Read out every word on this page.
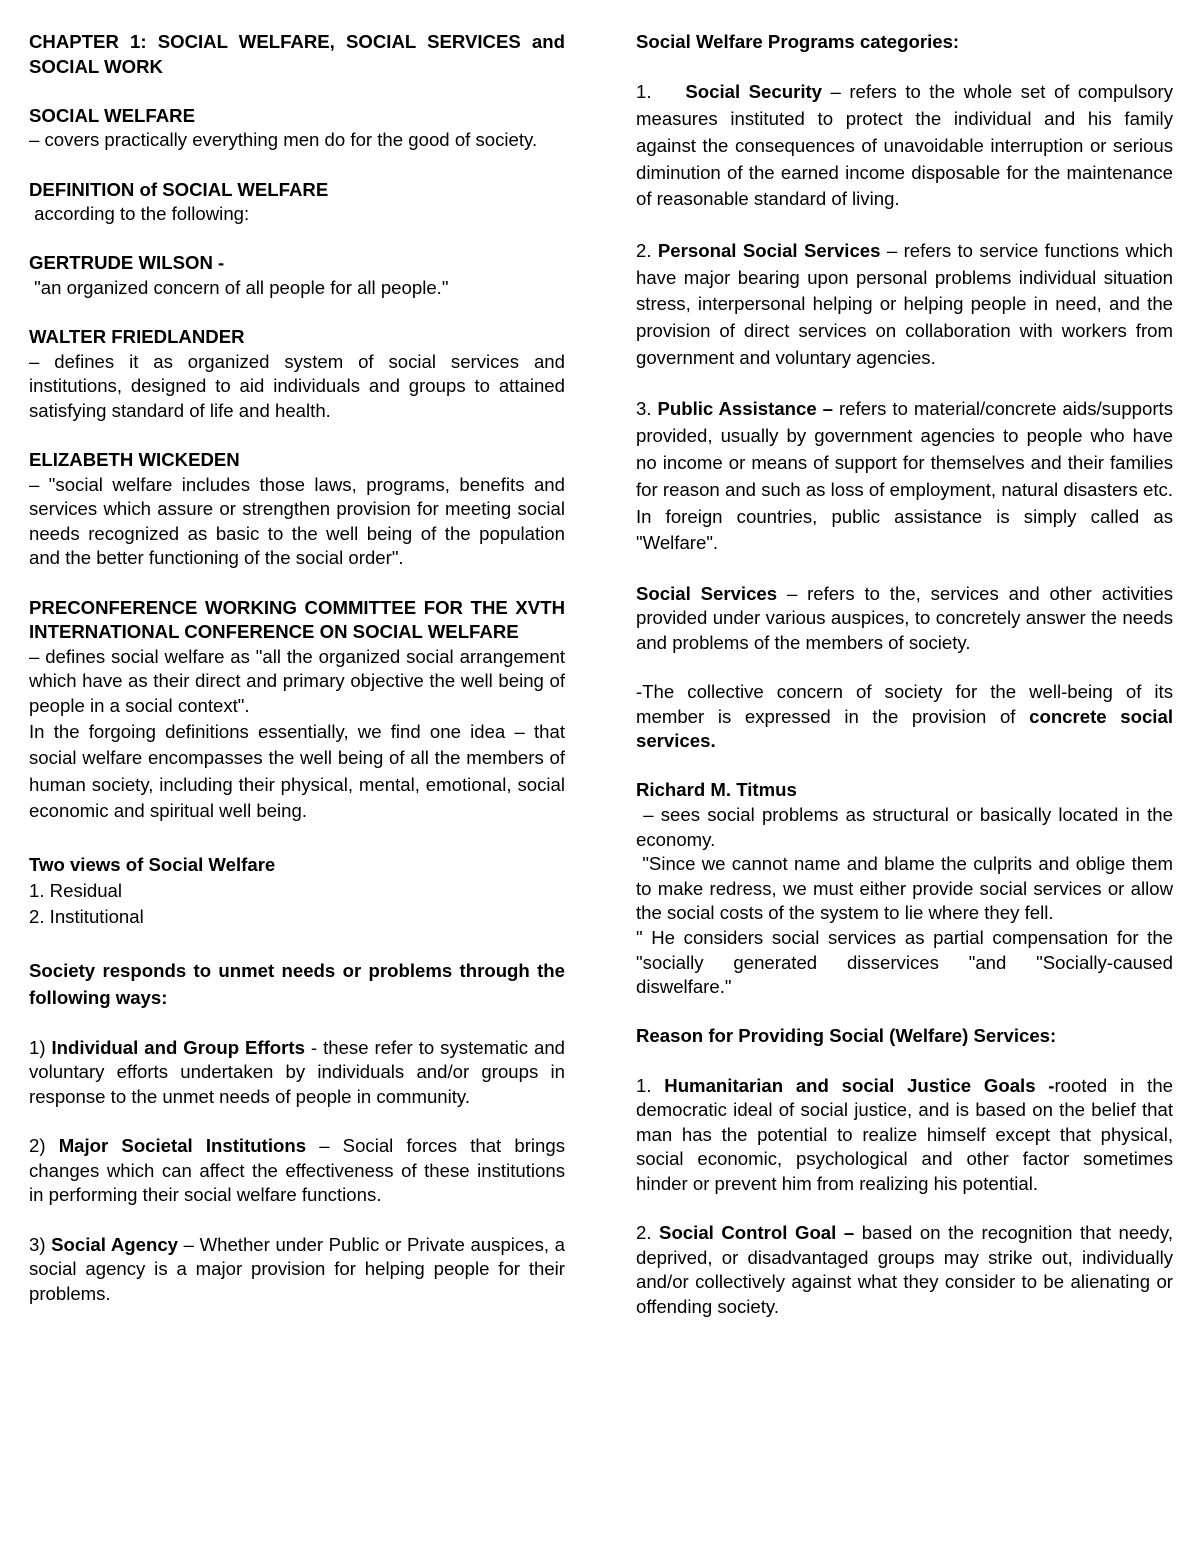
CHAPTER 1: SOCIAL WELFARE, SOCIAL SERVICES and SOCIAL WORK

SOCIAL WELFARE

– covers practically everything men do for the good of society.

DEFINITION of SOCIAL WELFARE

according to the following:

GERTRUDE WILSON -

"an organized concern of all people for all people."

WALTER FRIEDLANDER

– defines it as organized system of social services and institutions, designed to aid individuals and groups to attained satisfying standard of life and health.

ELIZABETH WICKEDEN

– "social welfare includes those laws, programs, benefits and services which assure or strengthen provision for meeting social needs recognized as basic to the well being of the population and the better functioning of the social order".

PRECONFERENCE WORKING COMMITTEE FOR THE XVTH INTERNATIONAL CONFERENCE ON SOCIAL WELFARE

– defines social welfare as "all the organized social arrangement which have as their direct and primary objective the well being of people in a social context".

In the forgoing definitions essentially, we find one idea – that social welfare encompasses the well being of all the members of human society, including their physical, mental, emotional, social economic and spiritual well being.

Two views of Social Welfare

1. Residual

2. Institutional

Society responds to unmet needs or problems through the following ways:

1) Individual and Group Efforts - these refer to systematic and voluntary efforts undertaken by individuals and/or groups in response to the unmet needs of people in community.

2) Major Societal Institutions – Social forces that brings changes which can affect the effectiveness of these institutions in performing their social welfare functions.

3) Social Agency – Whether under Public or Private auspices, a social agency is a major provision for helping people for their problems.

Social Welfare Programs categories:

1. Social Security – refers to the whole set of compulsory measures instituted to protect the individual and his family against the consequences of unavoidable interruption or serious diminution of the earned income disposable for the maintenance of reasonable standard of living.

2. Personal Social Services – refers to service functions which have major bearing upon personal problems individual situation stress, interpersonal helping or helping people in need, and the provision of direct services on collaboration with workers from government and voluntary agencies.

3. Public Assistance – refers to material/concrete aids/supports provided, usually by government agencies to people who have no income or means of support for themselves and their families for reason and such as loss of employment, natural disasters etc. In foreign countries, public assistance is simply called as "Welfare".

Social Services – refers to the, services and other activities provided under various auspices, to concretely answer the needs and problems of the members of society.

-The collective concern of society for the well-being of its member is expressed in the provision of concrete social services.

Richard M. Titmus

– sees social problems as structural or basically located in the economy.

"Since we cannot name and blame the culprits and oblige them to make redress, we must either provide social services or allow the social costs of the system to lie where they fell.

" He considers social services as partial compensation for the "socially generated disservices "and "Socially-caused diswelfare."

Reason for Providing Social (Welfare) Services:

1. Humanitarian and social Justice Goals -rooted in the democratic ideal of social justice, and is based on the belief that man has the potential to realize himself except that physical, social economic, psychological and other factor sometimes hinder or prevent him from realizing his potential.

2. Social Control Goal – based on the recognition that needy, deprived, or disadvantaged groups may strike out, individually and/or collectively against what they consider to be alienating or offending society.
